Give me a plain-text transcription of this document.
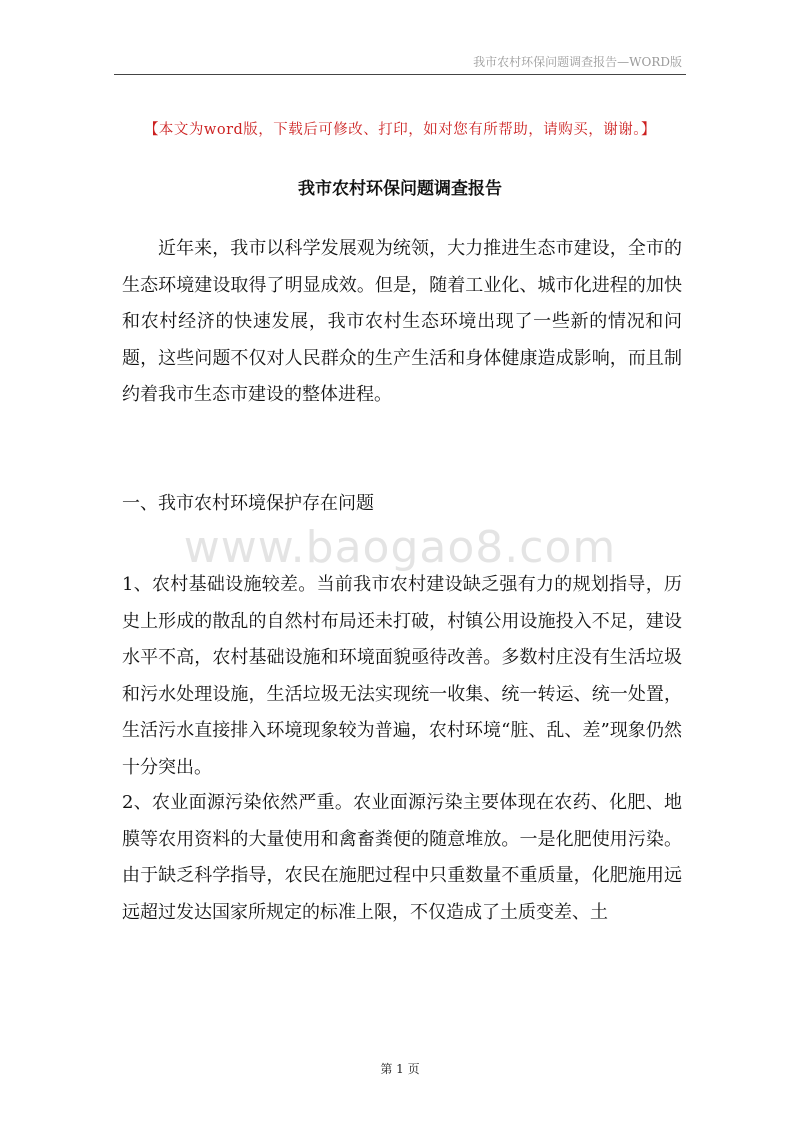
我市农村环保问题调查报告—WORD版
【本文为word版，下载后可修改、打印，如对您有所帮助，请购买，谢谢。】
我市农村环保问题调查报告

近年来，我市以科学发展观为统领，大力推进生态市建设，全市的生态环境建设取得了明显成效。但是，随着工业化、城市化进程的加快和农村经济的快速发展，我市农村生态环境出现了一些新的情况和问题，这些问题不仅对人民群众的生产生活和身体健康造成影响，而且制约着我市生态市建设的整体进程。

一、我市农村环境保护存在问题

www.baogao8.com

1、农村基础设施较差。当前我市农村建设缺乏强有力的规划指导，历史上形成的散乱的自然村布局还未打破，村镇公用设施投入不足，建设水平不高，农村基础设施和环境面貌亟待改善。多数村庄没有生活垃圾和污水处理设施，生活垃圾无法实现统一收集、统一转运、统一处置，生活污水直接排入环境现象较为普遍，农村环境“脏、乱、差”现象仍然十分突出。

2、农业面源污染依然严重。农业面源污染主要体现在农药、化肥、地膜等农用资料的大量使用和禽畜粪便的随意堆放。一是化肥使用污染。由于缺乏科学指导，农民在施肥过程中只重数量不重质量，化肥施用远远超过发达国家所规定的标准上限，不仅造成了土质变差、土

第 1 页
